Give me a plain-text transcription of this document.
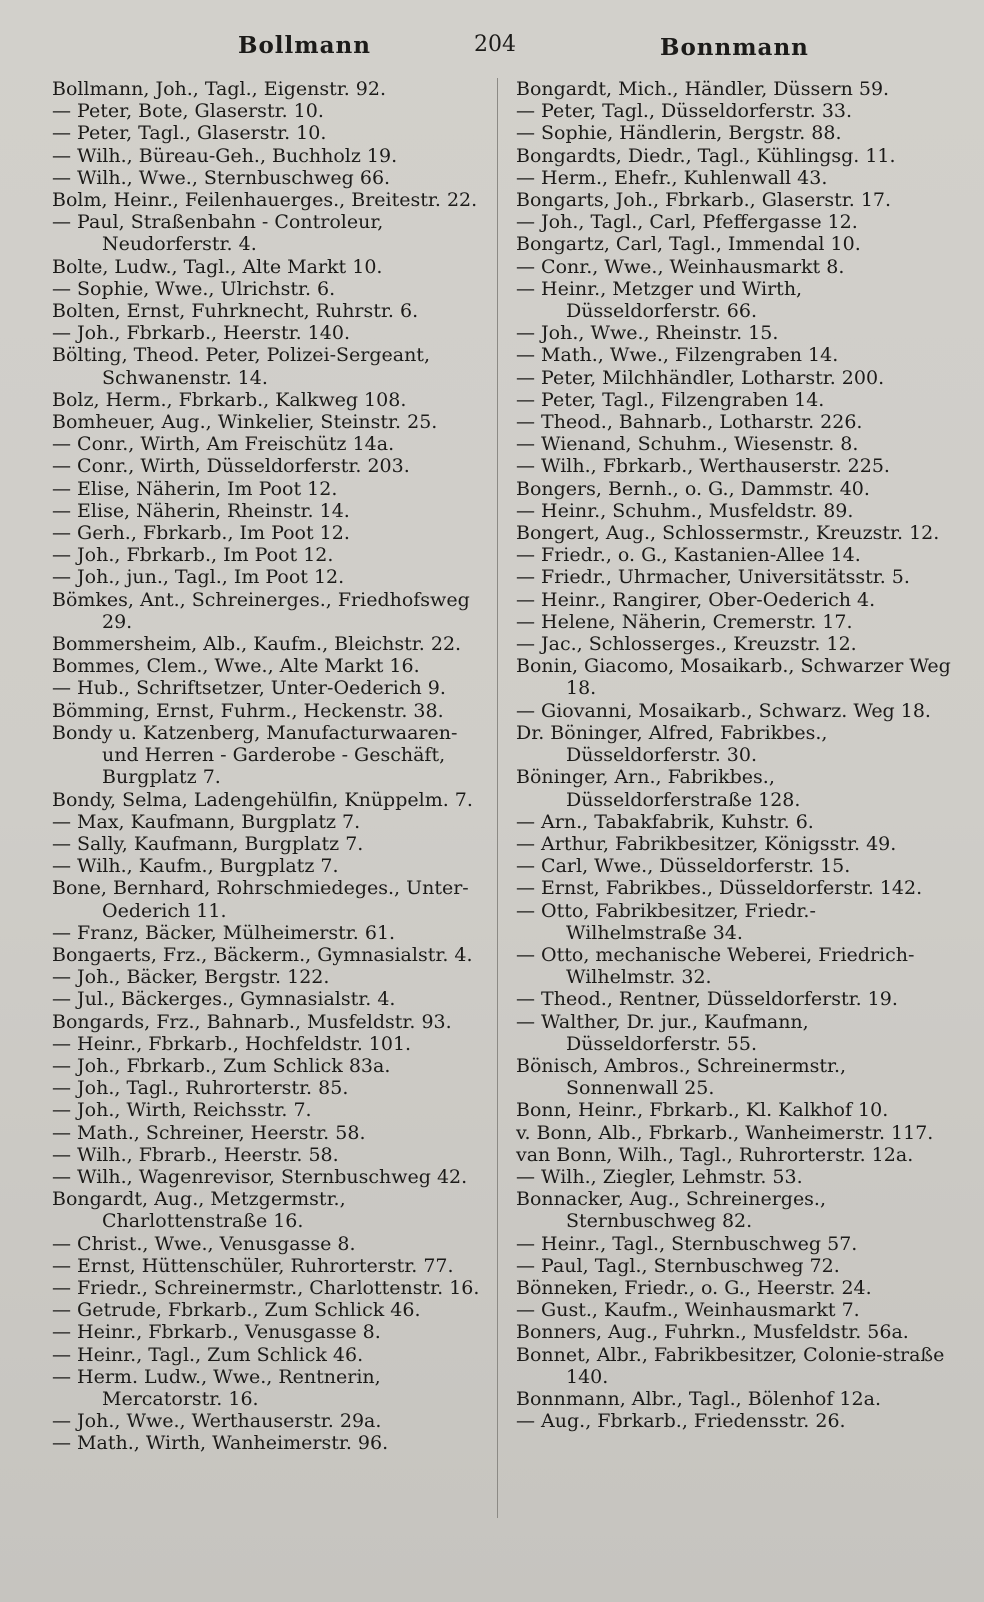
Bollmann	204	Bonnmann
Bollmann, Joh., Tagl., Eigenstr. 92.
— Peter, Bote, Glaserstr. 10.
— Peter, Tagl., Glaserstr. 10.
— Wilh., Büreau-Geh., Buchholz 19.
— Wilh., Wwe., Sternbuschweg 66.
Bolm, Heinr., Feilenhauerges., Breitestr. 22.
— Paul, Straßenbahn - Controleur, Neudorferstr. 4.
Bolte, Ludw., Tagl., Alte Markt 10.
— Sophie, Wwe., Ulrichstr. 6.
Bolten, Ernst, Fuhrknecht, Ruhrstr. 6.
— Joh., Fbrkarb., Heerstr. 140.
Bölting, Theod. Peter, Polizei-Sergeant, Schwanenstr. 14.
Bolz, Herm., Fbrkarb., Kalkweg 108.
Bomheuer, Aug., Winkelier, Steinstr. 25.
— Conr., Wirth, Am Freischütz 14a.
— Conr., Wirth, Düsseldorferstr. 203.
— Elise, Näherin, Im Poot 12.
— Elise, Näherin, Rheinstr. 14.
— Gerh., Fbrkarb., Im Poot 12.
— Joh., Fbrkarb., Im Poot 12.
— Joh., jun., Tagl., Im Poot 12.
Bömkes, Ant., Schreinerges., Friedhofsweg 29.
Bommersheim, Alb., Kaufm., Bleichstr. 22.
Bommes, Clem., Wwe., Alte Markt 16.
— Hub., Schriftsetzer, Unter-Oederich 9.
Bömming, Ernst, Fuhrm., Heckenstr. 38.
Bondy u. Katzenberg, Manufacturwaaren- und Herren - Garderobe - Geschäft, Burgplatz 7.
Bondy, Selma, Ladengehülfin, Knüppelm. 7.
— Max, Kaufmann, Burgplatz 7.
— Sally, Kaufmann, Burgplatz 7.
— Wilh., Kaufm., Burgplatz 7.
Bone, Bernhard, Rohrschmiedeges., Unter-Oederich 11.
— Franz, Bäcker, Mülheimerstr. 61.
Bongaerts, Frz., Bäckerm., Gymnasialstr. 4.
— Joh., Bäcker, Bergstr. 122.
— Jul., Bäckerges., Gymnasialstr. 4.
Bongards, Frz., Bahnarb., Musfeldstr. 93.
— Heinr., Fbrkarb., Hochfeldstr. 101.
— Joh., Fbrkarb., Zum Schlick 83a.
— Joh., Tagl., Ruhrorterstr. 85.
— Joh., Wirth, Reichsstr. 7.
— Math., Schreiner, Heerstr. 58.
— Wilh., Fbrarb., Heerstr. 58.
— Wilh., Wagenrevisor, Sternbuschweg 42.
Bongardt, Aug., Metzgermstr., Charlottenstraße 16.
— Christ., Wwe., Venusgasse 8.
— Ernst, Hüttenschüler, Ruhrorterstr. 77.
— Friedr., Schreinermstr., Charlottenstr. 16.
— Getrude, Fbrkarb., Zum Schlick 46.
— Heinr., Fbrkarb., Venusgasse 8.
— Heinr., Tagl., Zum Schlick 46.
— Herm. Ludw., Wwe., Rentnerin, Mercatorstr. 16.
— Joh., Wwe., Werthauserstr. 29a.
— Math., Wirth, Wanheimerstr. 96.
Bongardt, Mich., Händler, Düssern 59.
— Peter, Tagl., Düsseldorferstr. 33.
— Sophie, Händlerin, Bergstr. 88.
Bongardts, Diedr., Tagl., Kühlingsg. 11.
— Herm., Ehefr., Kuhlenwall 43.
Bongarts, Joh., Fbrkarb., Glaserstr. 17.
— Joh., Tagl., Carl, Pfeffergasse 12.
Bongartz, Carl, Tagl., Immendal 10.
— Conr., Wwe., Weinhausmarkt 8.
— Heinr., Metzger und Wirth, Düsseldorferstr. 66.
— Joh., Wwe., Rheinstr. 15.
— Math., Wwe., Filzengraben 14.
— Peter, Milchhändler, Lotharstr. 200.
— Peter, Tagl., Filzengraben 14.
— Theod., Bahnarb., Lotharstr. 226.
— Wienand, Schuhm., Wiesenstr. 8.
— Wilh., Fbrkarb., Werthauserstr. 225.
Bongers, Bernh., o. G., Dammstr. 40.
— Heinr., Schuhm., Musfeldstr. 89.
Bongert, Aug., Schlossermstr., Kreuzstr. 12.
— Friedr., o. G., Kastanien-Allee 14.
— Friedr., Uhrmacher, Universitätsstr. 5.
— Heinr., Rangirer, Ober-Oederich 4.
— Helene, Näherin, Cremerstr. 17.
— Jac., Schlosserges., Kreuzstr. 12.
Bonin, Giacomo, Mosaikarb., Schwarzer Weg 18.
— Giovanni, Mosaikarb., Schwarz. Weg 18.
Dr. Böninger, Alfred, Fabrikbes., Düsseldorferstr. 30.
Böninger, Arn., Fabrikbes., Düsseldorferstraße 128.
— Arn., Tabakfabrik, Kuhstr. 6.
— Arthur, Fabrikbesitzer, Königsstr. 49.
— Carl, Wwe., Düsseldorferstr. 15.
— Ernst, Fabrikbes., Düsseldorferstr. 142.
— Otto, Fabrikbesitzer, Friedr.-Wilhelmstraße 34.
— Otto, mechanische Weberei, Friedrich-Wilhelmstr. 32.
— Theod., Rentner, Düsseldorferstr. 19.
— Walther, Dr. jur., Kaufmann, Düsseldorferstr. 55.
Bönisch, Ambros., Schreinermstr., Sonnenwall 25.
Bonn, Heinr., Fbrkarb., Kl. Kalkhof 10.
v. Bonn, Alb., Fbrkarb., Wanheimerstr. 117.
van Bonn, Wilh., Tagl., Ruhrorterstr. 12a.
— Wilh., Ziegler, Lehmstr. 53.
Bonnacker, Aug., Schreinerges., Sternbuschweg 82.
— Heinr., Tagl., Sternbuschweg 57.
— Paul, Tagl., Sternbuschweg 72.
Bönneken, Friedr., o. G., Heerstr. 24.
— Gust., Kaufm., Weinhausmarkt 7.
Bonners, Aug., Fuhrkn., Musfeldstr. 56a.
Bonnet, Albr., Fabrikbesitzer, Colonie-straße 140.
Bonnmann, Albr., Tagl., Bölenhof 12a.
— Aug., Fbrkarb., Friedensstr. 26.
